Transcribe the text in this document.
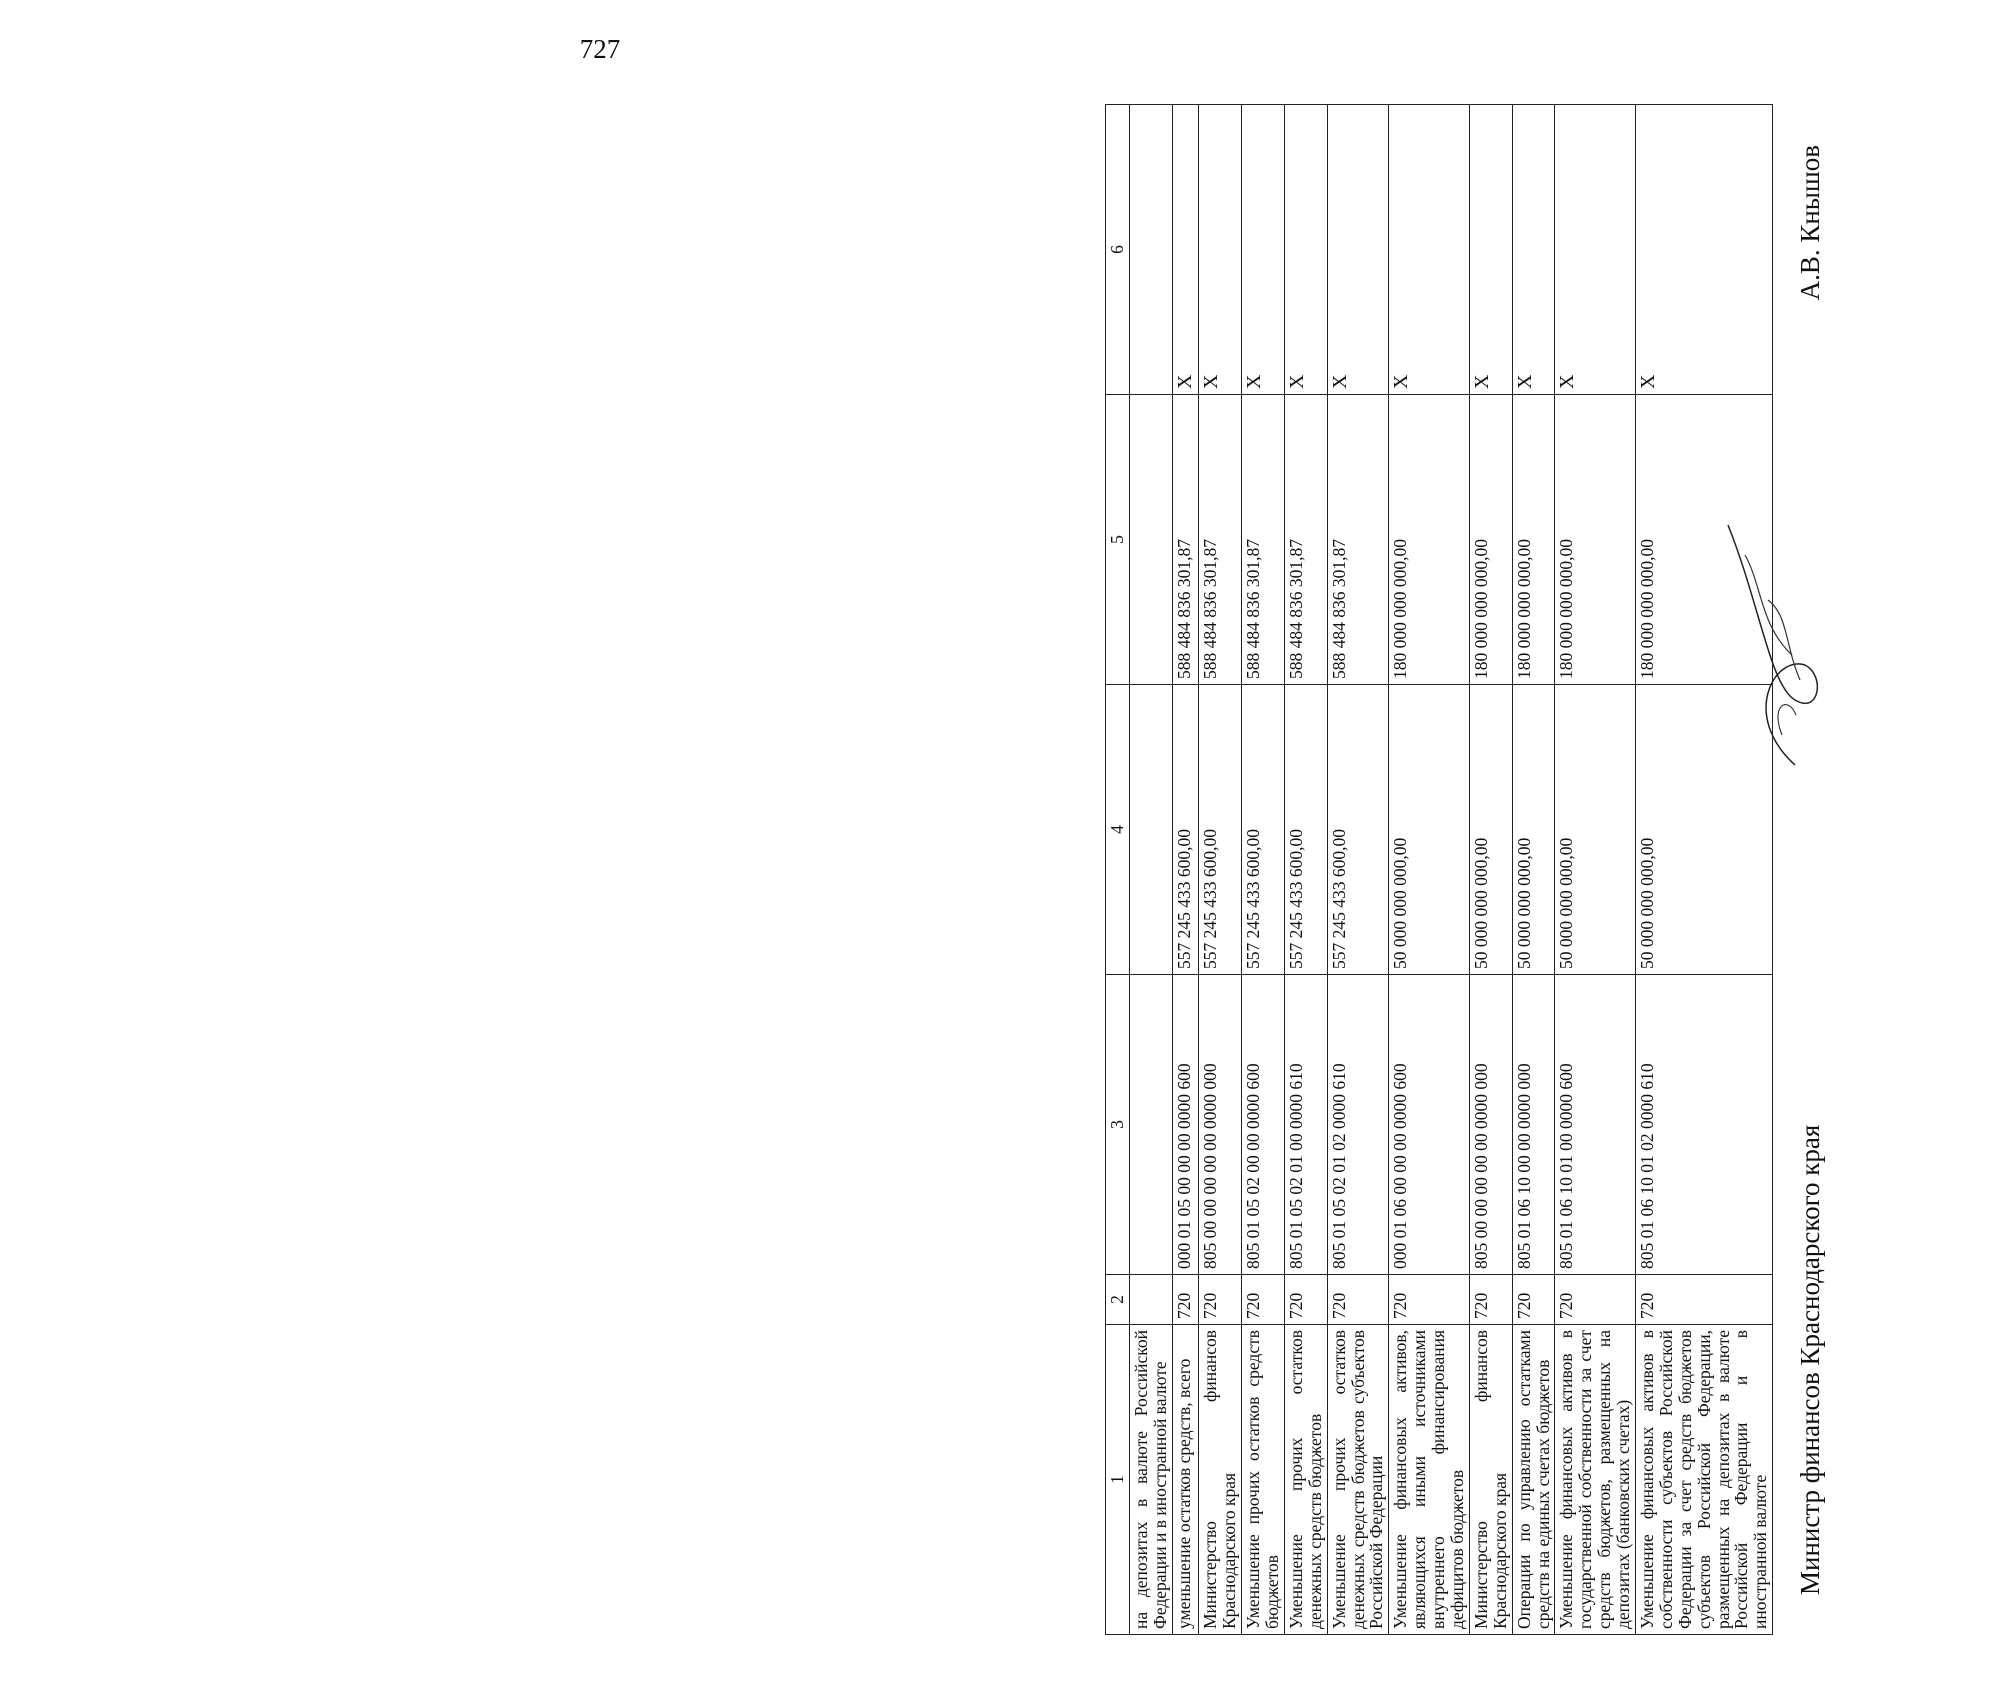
727
1	2	3	4	5	6
на депозитах в валюте Российской Федерации и в иностранной валюте					
уменьшение остатков средств, всего	720	000 01 05 00 00 00 0000 600	557 245 433 600,00	588 484 836 301,87	X
Министерство финансов Краснодарского края	720	805 00 00 00 00 00 0000 000	557 245 433 600,00	588 484 836 301,87	X
Уменьшение прочих остатков средств бюджетов	720	805 01 05 02 00 00 0000 600	557 245 433 600,00	588 484 836 301,87	X
Уменьшение прочих остатков денежных средств бюджетов	720	805 01 05 02 01 00 0000 610	557 245 433 600,00	588 484 836 301,87	X
Уменьшение прочих остатков денежных средств бюджетов субъектов Российской Федерации	720	805 01 05 02 01 02 0000 610	557 245 433 600,00	588 484 836 301,87	X
Уменьшение финансовых активов, являющихся иными источниками внутреннего финансирования дефицитов бюджетов	720	000 01 06 00 00 00 0000 600	50 000 000 000,00	180 000 000 000,00	X
Министерство финансов Краснодарского края	720	805 00 00 00 00 00 0000 000	50 000 000 000,00	180 000 000 000,00	X
Операции по управлению остатками средств на единых счетах бюджетов	720	805 01 06 10 00 00 0000 000	50 000 000 000,00	180 000 000 000,00	X
Уменьшение финансовых активов в государственной собственности за счет средств бюджетов, размещенных на депозитах (банковских счетах)	720	805 01 06 10 01 00 0000 600	50 000 000 000,00	180 000 000 000,00	X
Уменьшение финансовых активов в собственности субъектов Российской Федерации за счет средств бюджетов субъектов Российской Федерации, размещенных на депозитах в валюте Российской Федерации и в иностранной валюте	720	805 01 06 10 01 02 0000 610	50 000 000 000,00	180 000 000 000,00	X
Министр финансов Краснодарского края
А.В. Кнышов
